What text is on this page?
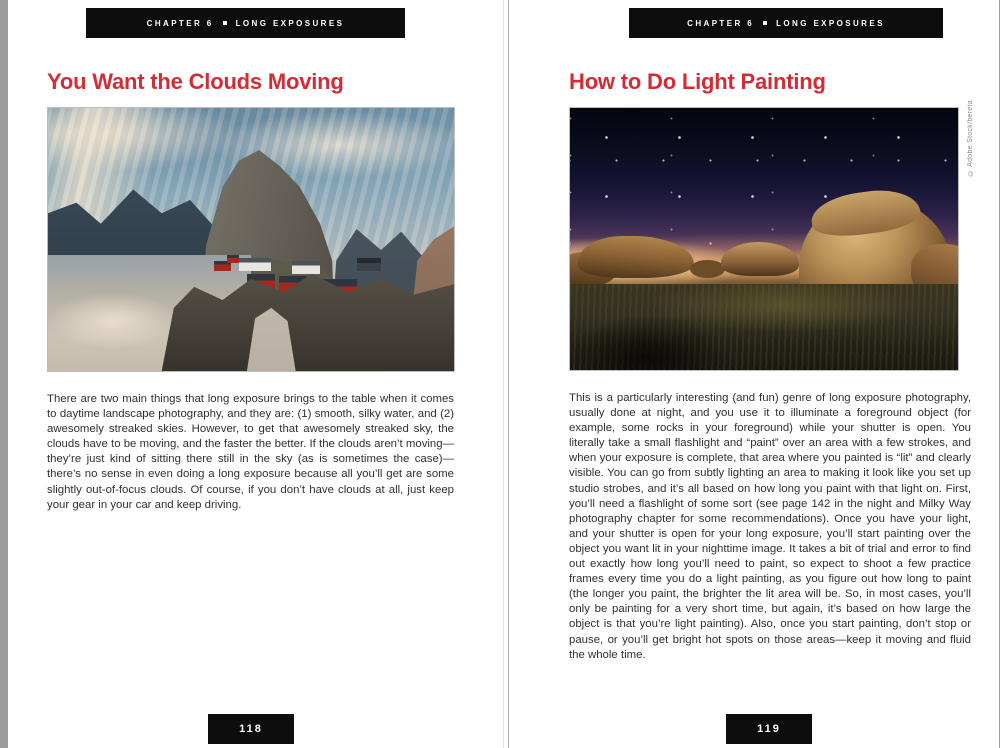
CHAPTER 6	LONG EXPOSURES
You Want the Clouds Moving
There are two main things that long exposure brings to the table when it comes to daytime landscape photography, and they are: (1) smooth, silky water, and (2) awesomely streaked skies. However, to get that awesomely streaked sky, the clouds have to be moving, and the faster the better. If the clouds aren’t moving—they’re just kind of sitting there still in the sky (as is sometimes the case)—there’s no sense in even doing a long exposure because all you’ll get are some slightly out-of-focus clouds. Of course, if you don’t have clouds at all, just keep your gear in your car and keep driving.
118
CHAPTER 6	LONG EXPOSURES
How to Do Light Painting
This is a particularly interesting (and fun) genre of long exposure photography, usually done at night, and you use it to illuminate a foreground object (for example, some rocks in your foreground) while your shutter is open. You literally take a small flashlight and “paint” over an area with a few strokes, and when your exposure is complete, that area where you painted is “lit” and clearly visible. You can go from subtly lighting an area to making it look like you set up studio strobes, and it’s all based on how long you paint with that light on. First, you’ll need a flashlight of some sort (see page 142 in the night and Milky Way photography chapter for some recommendations). Once you have your light, and your shutter is open for your long exposure, you’ll start painting over the object you want lit in your nighttime image. It takes a bit of trial and error to find out exactly how long you’ll need to paint, so expect to shoot a few practice frames every time you do a light painting, as you figure out how long to paint (the longer you paint, the brighter the lit area will be. So, in most cases, you’ll only be painting for a very short time, but again, it’s based on how large the object is that you’re light painting). Also, once you start painting, don’t stop or pause, or you’ll get bright hot spots on those areas—keep it moving and fluid the whole time.
© Adobe Stock/bereta
119
